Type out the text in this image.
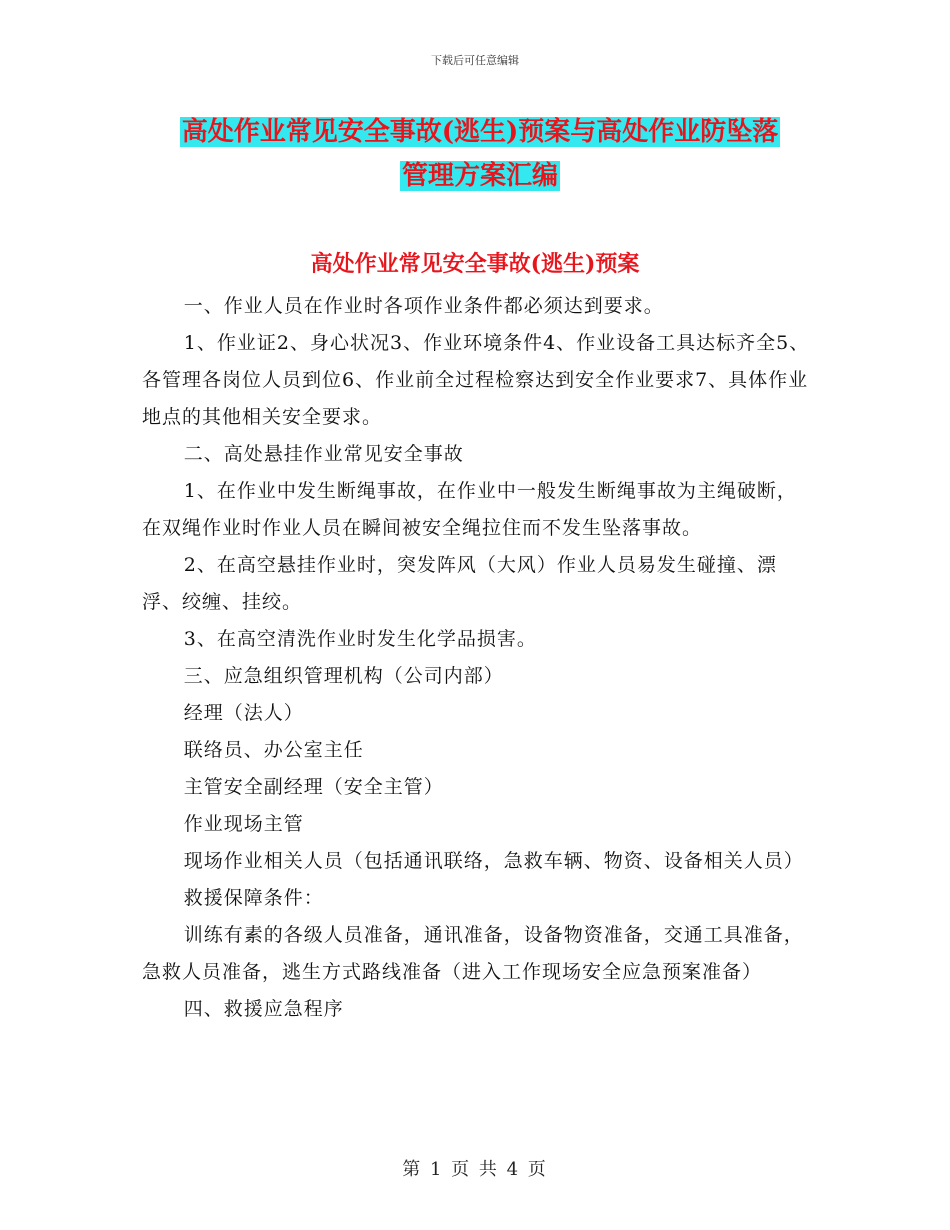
下载后可任意编辑
高处作业常见安全事故(逃生)预案与高处作业防坠落
管理方案汇编
高处作业常见安全事故(逃生)预案

一、作业人员在作业时各项作业条件都必须达到要求。

1、作业证2、身心状况3、作业环境条件4、作业设备工具达标齐全5、各管理各岗位人员到位6、作业前全过程检察达到安全作业要求7、具体作业地点的其他相关安全要求。

二、高处悬挂作业常见安全事故

1、在作业中发生断绳事故，在作业中一般发生断绳事故为主绳破断，在双绳作业时作业人员在瞬间被安全绳拉住而不发生坠落事故。

2、在高空悬挂作业时，突发阵风（大风）作业人员易发生碰撞、漂浮、绞缠、挂绞。

3、在高空清洗作业时发生化学品损害。

三、应急组织管理机构（公司内部）

经理（法人）

联络员、办公室主任

主管安全副经理（安全主管）

作业现场主管

现场作业相关人员（包括通讯联络，急救车辆、物资、设备相关人员）

救援保障条件：

训练有素的各级人员准备，通讯准备，设备物资准备，交通工具准备，急救人员准备，逃生方式路线准备（进入工作现场安全应急预案准备）

四、救援应急程序

第 1 页 共 4 页
